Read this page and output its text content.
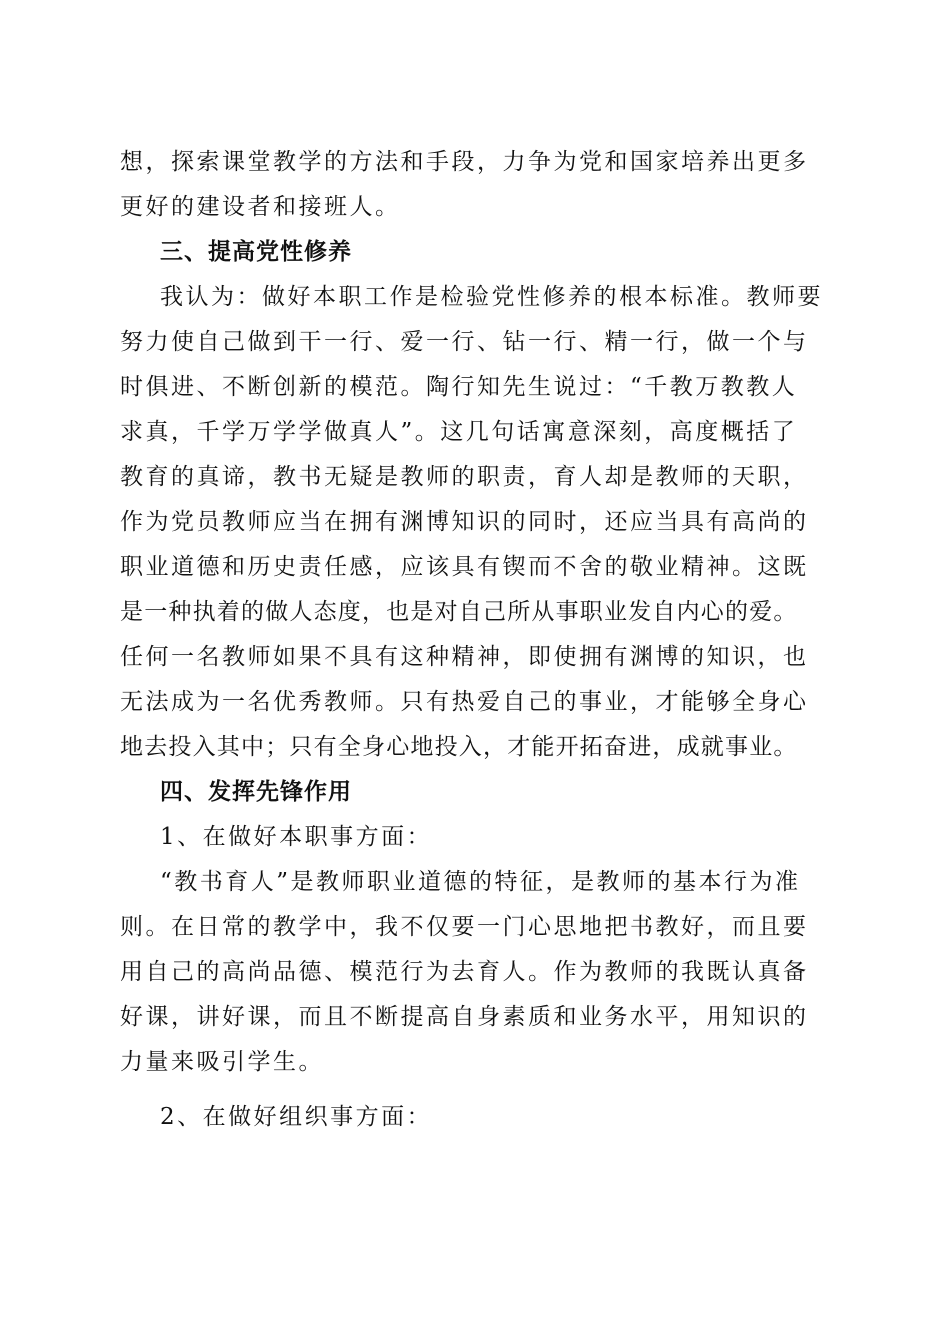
想，探索课堂教学的方法和手段，力争为党和国家培养出更多
更好的建设者和接班人。
三、提高党性修养
我认为：做好本职工作是检验党性修养的根本标准。教师要
努力使自己做到干一行、爱一行、钻一行、精一行，做一个与
时俱进、不断创新的模范。陶行知先生说过：“千教万教教人
求真，千学万学学做真人”。这几句话寓意深刻，高度概括了
教育的真谛，教书无疑是教师的职责，育人却是教师的天职，
作为党员教师应当在拥有渊博知识的同时，还应当具有高尚的
职业道德和历史责任感，应该具有锲而不舍的敬业精神。这既
是一种执着的做人态度，也是对自己所从事职业发自内心的爱。
任何一名教师如果不具有这种精神，即使拥有渊博的知识，也
无法成为一名优秀教师。只有热爱自己的事业，才能够全身心
地去投入其中；只有全身心地投入，才能开拓奋进，成就事业。
四、发挥先锋作用
1、在做好本职事方面：
“教书育人”是教师职业道德的特征，是教师的基本行为准
则。在日常的教学中，我不仅要一门心思地把书教好，而且要
用自己的高尚品德、模范行为去育人。作为教师的我既认真备
好课，讲好课，而且不断提高自身素质和业务水平，用知识的
力量来吸引学生。
2、在做好组织事方面：
